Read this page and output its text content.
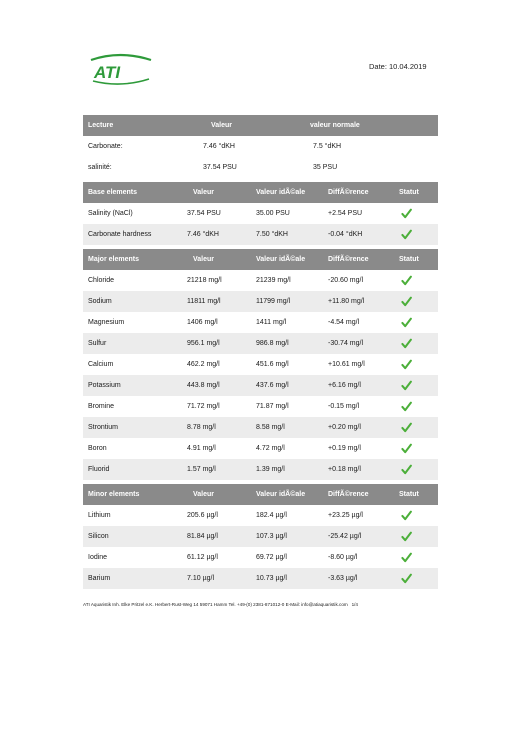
ATI	Date: 10.04.2019
Lecture	Valeur	valeur normale
Carbonate:	7.46 °dKH	7.5 °dKH
salinité:	37.54 PSU	35 PSU
Base elements	Valeur	Valeur idÃ©ale	DiffÃ©rence	Statut
Salinity (NaCl)	37.54 PSU	35.00 PSU	+2.54 PSU
Carbonate hardness	7.46 °dKH	7.50 °dKH	-0.04 °dKH
Major elements	Valeur	Valeur idÃ©ale	DiffÃ©rence	Statut
Chloride	21218 mg/l	21239 mg/l	-20.60 mg/l
Sodium	11811 mg/l	11799 mg/l	+11.80 mg/l
Magnesium	1406 mg/l	1411 mg/l	-4.54 mg/l
Sulfur	956.1 mg/l	986.8 mg/l	-30.74 mg/l
Calcium	462.2 mg/l	451.6 mg/l	+10.61 mg/l
Potassium	443.8 mg/l	437.6 mg/l	+6.16 mg/l
Bromine	71.72 mg/l	71.87 mg/l	-0.15 mg/l
Strontium	8.78 mg/l	8.58 mg/l	+0.20 mg/l
Boron	4.91 mg/l	4.72 mg/l	+0.19 mg/l
Fluorid	1.57 mg/l	1.39 mg/l	+0.18 mg/l
Minor elements	Valeur	Valeur idÃ©ale	DiffÃ©rence	Statut
Lithium	205.6 µg/l	182.4 µg/l	+23.25 µg/l
Silicon	81.84 µg/l	107.3 µg/l	-25.42 µg/l
Iodine	61.12 µg/l	69.72 µg/l	-8.60 µg/l
Barium	7.10 µg/l	10.73 µg/l	-3.63 µg/l
ATI Aquaristik Inh. Elke Pritzel e.K. Herbert-Rust-Weg 14 59071 Hamm Tel. +49-(0) 2381-871012-0 E-Mail: info@atiaquaristik.com 1/4
